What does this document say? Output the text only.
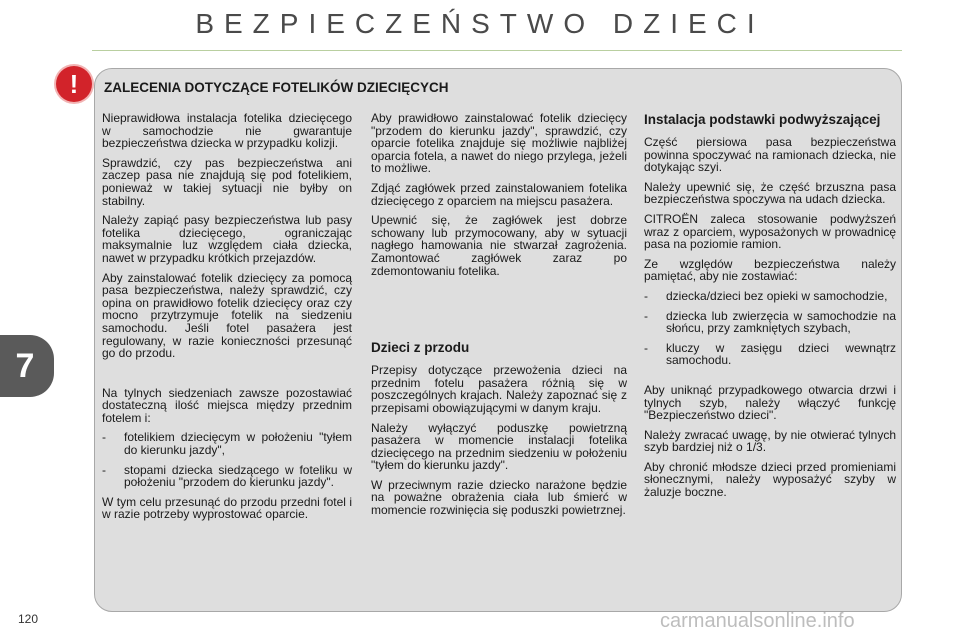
BEZPIECZEŃSTWO DZIECI
7
120
!	ZALECENIA DOTYCZĄCE FOTELIKÓW DZIECIĘCYCH

Nieprawidłowa instalacja fotelika dziecięcego w samochodzie nie gwarantuje bezpieczeństwa dziecka w przypadku kolizji.

Sprawdzić, czy pas bezpieczeństwa ani zaczep pasa nie znajdują się pod fotelikiem, ponieważ w takiej sytuacji nie byłby on stabilny.

Należy zapiąć pasy bezpieczeństwa lub pasy fotelika dziecięcego, ograniczając maksymalnie luz względem ciała dziecka, nawet w przypadku krótkich przejazdów.

Aby zainstalować fotelik dziecięcy za pomocą pasa bezpieczeństwa, należy sprawdzić, czy opina on prawidłowo fotelik dziecięcy oraz czy mocno przytrzymuje fotelik na siedzeniu samochodu. Jeśli fotel pasażera jest regulowany, w razie konieczności przesunąć go do przodu.

Na tylnych siedzeniach zawsze pozostawiać dostateczną ilość miejsca między przednim fotelem i:

- fotelikiem dziecięcym w położeniu "tyłem do kierunku jazdy",

- stopami dziecka siedzącego w foteliku w położeniu "przodem do kierunku jazdy".

W tym celu przesunąć do przodu przedni fotel i w razie potrzeby wyprostować oparcie.

Aby prawidłowo zainstalować fotelik dziecięcy "przodem do kierunku jazdy", sprawdzić, czy oparcie fotelika znajduje się możliwie najbliżej oparcia fotela, a nawet do niego przylega, jeżeli to możliwe.

Zdjąć zagłówek przed zainstalowaniem fotelika dziecięcego z oparciem na miejscu pasażera.

Upewnić się, że zagłówek jest dobrze schowany lub przymocowany, aby w sytuacji nagłego hamowania nie stwarzał zagrożenia. Zamontować zagłówek zaraz po zdemontowaniu fotelika.

Dzieci z przodu

Przepisy dotyczące przewożenia dzieci na przednim fotelu pasażera różnią się w poszczególnych krajach. Należy zapoznać się z przepisami obowiązującymi w danym kraju.

Należy wyłączyć poduszkę powietrzną pasażera w momencie instalacji fotelika dziecięcego na przednim siedzeniu w położeniu "tyłem do kierunku jazdy".

W przeciwnym razie dziecko narażone będzie na poważne obrażenia ciała lub śmierć w momencie rozwinięcia się poduszki powietrznej.

Instalacja podstawki podwyższającej

Część piersiowa pasa bezpieczeństwa powinna spoczywać na ramionach dziecka, nie dotykając szyi.

Należy upewnić się, że część brzuszna pasa bezpieczeństwa spoczywa na udach dziecka.

CITROËN zaleca stosowanie podwyższeń wraz z oparciem, wyposażonych w prowadnicę pasa na poziomie ramion.

Ze względów bezpieczeństwa należy pamiętać, aby nie zostawiać:

- dziecka/dzieci bez opieki w samochodzie,

- dziecka lub zwierzęcia w samochodzie na słońcu, przy zamkniętych szybach,

- kluczy w zasięgu dzieci wewnątrz samochodu.

Aby uniknąć przypadkowego otwarcia drzwi i tylnych szyb, należy włączyć funkcję "Bezpieczeństwo dzieci".

Należy zwracać uwagę, by nie otwierać tylnych szyb bardziej niż o 1/3.

Aby chronić młodsze dzieci przed promieniami słonecznymi, należy wyposażyć szyby w żaluzje boczne.

carmanualsonline.info
